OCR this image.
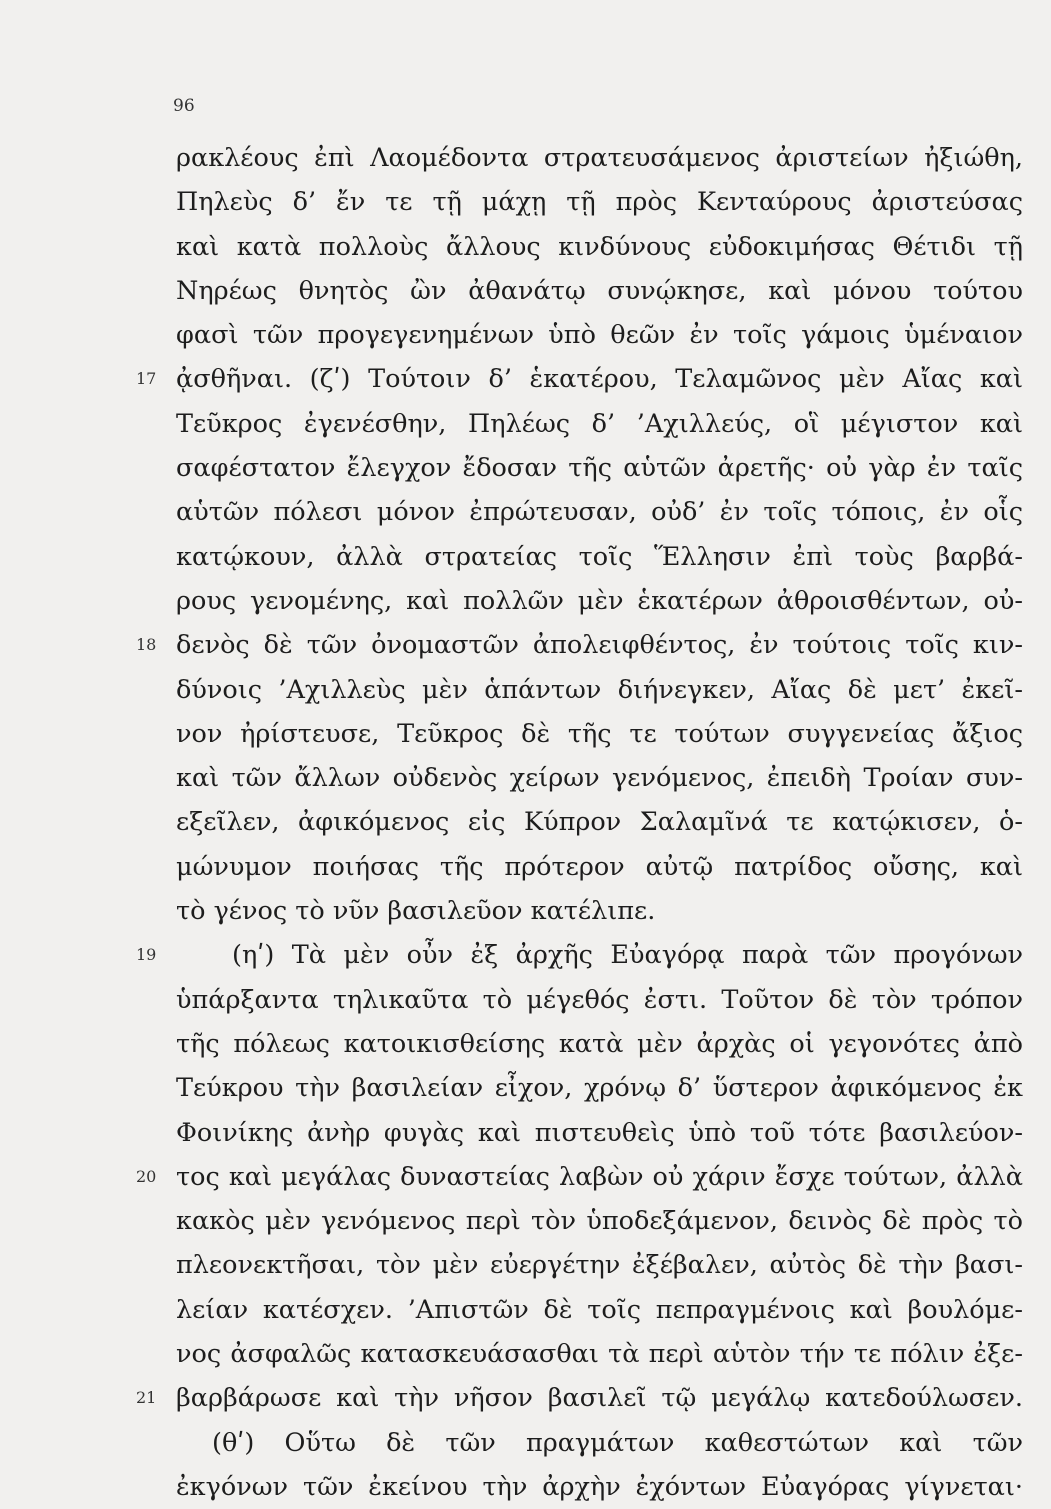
96
ρακλέους ἐπὶ Λαομέδοντα στρατευσάμενος ἀριστείων ἠξιώθη,
Πηλεὺς δ’ ἔν τε τῇ μάχῃ τῇ πρὸς Κενταύρους ἀριστεύσας
καὶ κατὰ πολλοὺς ἄλλους κινδύνους εὐδοκιμήσας Θέτιδι τῇ
Νηρέως θνητὸς ὢν ἀθανάτῳ συνῴκησε, καὶ μόνου τούτου
φασὶ τῶν προγεγενημένων ὑπὸ θεῶν ἐν τοῖς γάμοις ὑμέναιον
17 ᾀσθῆναι. (ζʹ) Τούτοιν δ’ ἑκατέρου, Τελαμῶνος μὲν Αἴας καὶ
Τεῦκρος ἐγενέσθην, Πηλέως δ’ ’Αχιλλεύς, οἳ μέγιστον καὶ
σαφέστατον ἔλεγχον ἔδοσαν τῆς αὑτῶν ἀρετῆς· οὐ γὰρ ἐν ταῖς
αὑτῶν πόλεσι μόνον ἐπρώτευσαν, οὐδ’ ἐν τοῖς τόποις, ἐν οἷς
κατῴκουν, ἀλλὰ στρατείας τοῖς Ἕλλησιν ἐπὶ τοὺς βαρβά-
ρους γενομένης, καὶ πολλῶν μὲν ἑκατέρων ἀθροισθέντων, οὐ-
18 δενὸς δὲ τῶν ὀνομαστῶν ἀπολειφθέντος, ἐν τούτοις τοῖς κιν-
δύνοις ’Αχιλλεὺς μὲν ἁπάντων διήνεγκεν, Αἴας δὲ μετ’ ἐκεῖ-
νον ἠρίστευσε, Τεῦκρος δὲ τῆς τε τούτων συγγενείας ἄξιος
καὶ τῶν ἄλλων οὐδενὸς χείρων γενόμενος, ἐπειδὴ Τροίαν συν-
εξεῖλεν, ἀφικόμενος εἰς Κύπρον Σαλαμῖνά τε κατῴκισεν, ὁ-
μώνυμον ποιήσας τῆς πρότερον αὐτῷ πατρίδος οὔσης, καὶ
τὸ γένος τὸ νῦν βασιλεῦον κατέλιπε.
19	(ηʹ) Τὰ μὲν οὖν ἐξ ἀρχῆς Εὐαγόρᾳ παρὰ τῶν προγόνων
ὑπάρξαντα τηλικαῦτα τὸ μέγεθός ἐστι. Τοῦτον δὲ τὸν τρόπον
τῆς πόλεως κατοικισθείσης κατὰ μὲν ἀρχὰς οἱ γεγονότες ἀπὸ
Τεύκρου τὴν βασιλείαν εἶχον, χρόνῳ δ’ ὕστερον ἀφικόμενος ἐκ
Φοινίκης ἀνὴρ φυγὰς καὶ πιστευθεὶς ὑπὸ τοῦ τότε βασιλεύον-
20 τος καὶ μεγάλας δυναστείας λαβὼν οὐ χάριν ἔσχε τούτων, ἀλλὰ
κακὸς μὲν γενόμενος περὶ τὸν ὑποδεξάμενον, δεινὸς δὲ πρὸς τὸ
πλεονεκτῆσαι, τὸν μὲν εὐεργέτην ἐξέβαλεν, αὐτὸς δὲ τὴν βασι-
λείαν κατέσχεν. ’Απιστῶν δὲ τοῖς πεπραγμένοις καὶ βουλόμε-
νος ἀσφαλῶς κατασκευάσασθαι τὰ περὶ αὑτὸν τήν τε πόλιν ἐξε-
21 βαρβάρωσε καὶ τὴν νῆσον βασιλεῖ τῷ μεγάλῳ κατεδούλωσεν.
(θʹ) Οὕτω δὲ τῶν πραγμάτων καθεστώτων καὶ τῶν
ἐκγόνων τῶν ἐκείνου τὴν ἀρχὴν ἐχόντων Εὐαγόρας γίγνεται·
